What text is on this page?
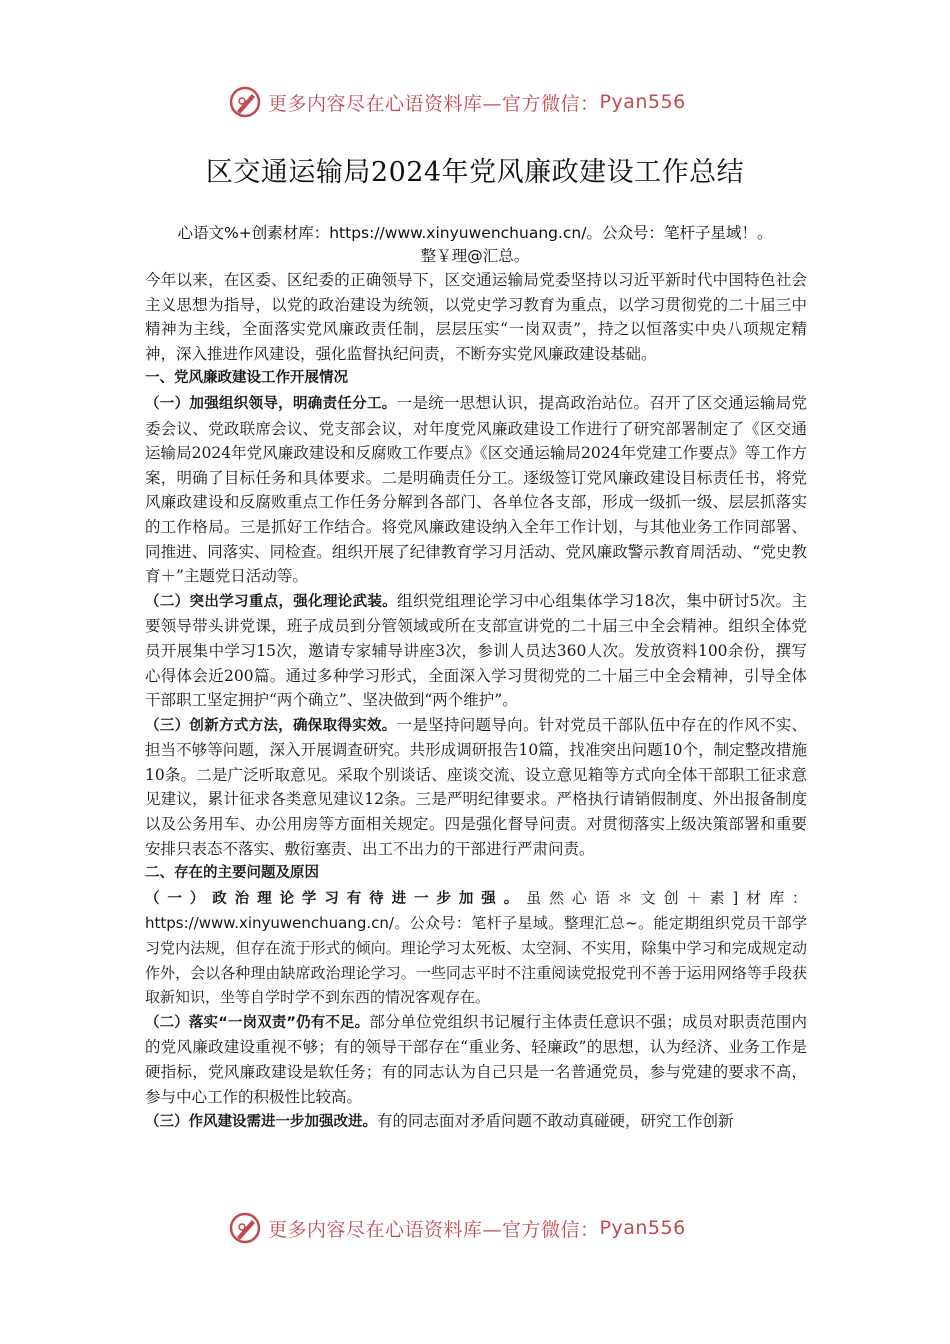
更多内容尽在心语资料库—官方微信： Pyan556
区交通运输局2024年党风廉政建设工作总结
心语文%+创素材库：https://www.xinyuwenchuang.cn/。公众号：笔杆子星域！。
整￥理@汇总。

今年以来，在区委、区纪委的正确领导下，区交通运输局党委坚持以习近平新时代中国特色社会主义思想为指导，以党的政治建设为统领，以党史学习教育为重点，以学习贯彻党的二十届三中精神为主线，全面落实党风廉政责任制，层层压实“一岗双责”，持之以恒落实中央八项规定精神，深入推进作风建设，强化监督执纪问责，不断夯实党风廉政建设基础。

一、党风廉政建设工作开展情况

（一）加强组织领导，明确责任分工。一是统一思想认识，提高政治站位。召开了区交通运输局党委会议、党政联席会议、党支部会议，对年度党风廉政建设工作进行了研究部署制定了《区交通运输局2024年党风廉政建设和反腐败工作要点》《区交通运输局2024年党建工作要点》等工作方案，明确了目标任务和具体要求。二是明确责任分工。逐级签订党风廉政建设目标责任书，将党风廉政建设和反腐败重点工作任务分解到各部门、各单位各支部，形成一级抓一级、层层抓落实的工作格局。三是抓好工作结合。将党风廉政建设纳入全年工作计划，与其他业务工作同部署、同推进、同落实、同检查。组织开展了纪律教育学习月活动、党风廉政警示教育周活动、“党史教育＋”主题党日活动等。

（二）突出学习重点，强化理论武装。组织党组理论学习中心组集体学习18次，集中研讨5次。主要领导带头讲党课，班子成员到分管领域或所在支部宣讲党的二十届三中全会精神。组织全体党员开展集中学习15次，邀请专家辅导讲座3次，参训人员达360人次。发放资料100余份，撰写心得体会近200篇。通过多种学习形式，全面深入学习贯彻党的二十届三中全会精神，引导全体干部职工坚定拥护“两个确立”、坚决做到“两个维护”。

（三）创新方式方法，确保取得实效。一是坚持问题导向。针对党员干部队伍中存在的作风不实、担当不够等问题，深入开展调查研究。共形成调研报告10篇，找准突出问题10个，制定整改措施10条。二是广泛听取意见。采取个别谈话、座谈交流、设立意见箱等方式向全体干部职工征求意见建议，累计征求各类意见建议12条。三是严明纪律要求。严格执行请销假制度、外出报备制度以及公务用车、办公用房等方面相关规定。四是强化督导问责。对贯彻落实上级决策部署和重要安排只表态不落实、敷衍塞责、出工不出力的干部进行严肃问责。

二、存在的主要问题及原因

（一）政治理论学习有待进一步加强。虽然心语＊文创＋素]材库：https://www.xinyuwenchuang.cn/。公众号：笔杆子星域。整理汇总~。能定期组织党员干部学习党内法规，但存在流于形式的倾向。理论学习太死板、太空洞、不实用，除集中学习和完成规定动作外，会以各种理由缺席政治理论学习。一些同志平时不注重阅读党报党刊不善于运用网络等手段获取新知识，坐等自学时学不到东西的情况客观存在。

（二）落实“一岗双责”仍有不足。部分单位党组织书记履行主体责任意识不强；成员对职责范围内的党风廉政建设重视不够；有的领导干部存在“重业务、轻廉政”的思想，认为经济、业务工作是硬指标，党风廉政建设是软任务；有的同志认为自己只是一名普通党员，参与党建的要求不高，参与中心工作的积极性比较高。

（三）作风建设需进一步加强改进。有的同志面对矛盾问题不敢动真碰硬，研究工作创新

更多内容尽在心语资料库—官方微信： Pyan556
